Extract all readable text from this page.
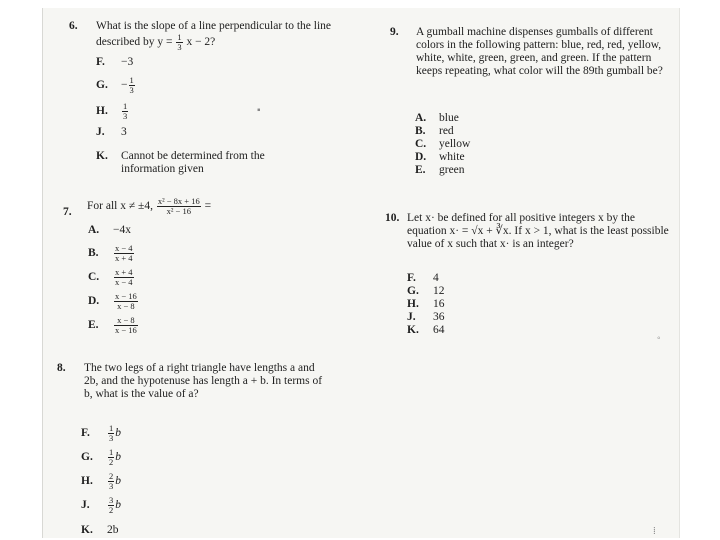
6. What is the slope of a line perpendicular to the line described by $y = \frac{1}{3}$ x − 2?
F. −3
G. − $\frac{1}{3}$
H. $\frac{1}{3}$
J. 3
K. Cannot be determined from the information given
7. For all x ≠ ±4, $\frac{\text{x² − 8x + 16}}{\text{x² − 16}}$ =
A. −4x
B. $\frac{x - 4}{x + 4}$
C. $\frac{x + 4}{x - 4}$
D. $\frac{x - 16}{x - 8}$
E. $\frac{x - 8}{x - 16}$
8. The two legs of a right triangle have lengths a and 2b, and the hypotenuse has length a + b. In terms of b, what is the value of a?
F. $\frac{1}{3}$ b
G. $\frac{1}{2}$ b
H. $\frac{2}{3}$ b
J. $\frac{3}{2}$ b
K. 2b
9. A gumball machine dispenses gumballs of different colors in the following pattern: blue, red, red, yellow, white, white, green, green, and green. If the pattern keeps repeating, what color will the 89th gumball be?
A. blue
B. red
C. yellow
D. white
E. green
10. Let x· be defined for all positive integers x by the equation x· = √x + ∛x. If x > 1, what is the least possible value of x such that x· is an integer?
F. 4
G. 12
H. 16
J. 36
K. 64
▪
◦
⁞
